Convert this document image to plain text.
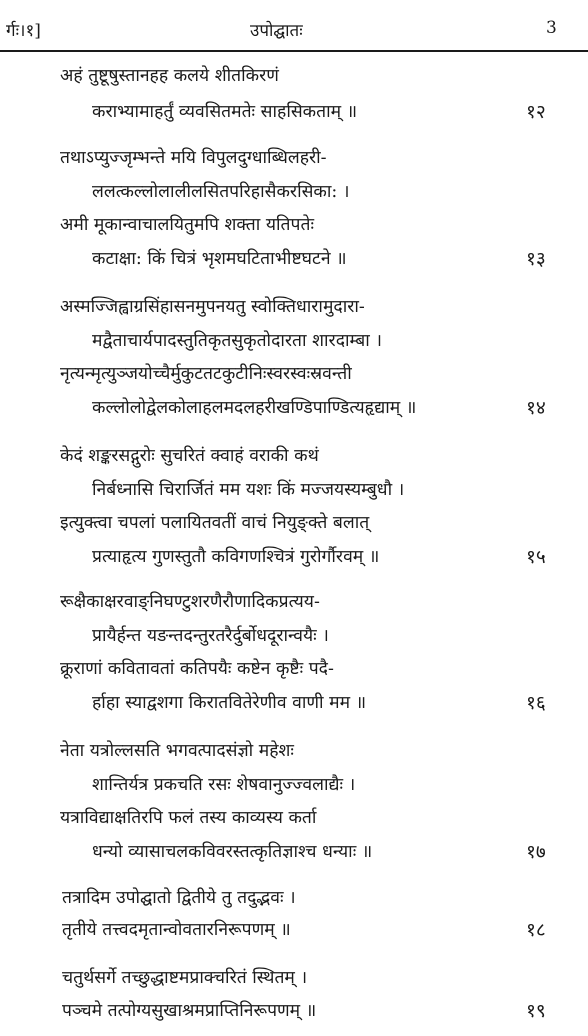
र्गः।१]	उपोद्घातः	3
अहं तुष्टूषुस्तानहह कलये शीतकिरणं
कराभ्यामाहर्तुं व्यवसितमतेः साहसिकताम् ॥	१२
तथाऽप्युज्जृम्भन्ते मयि विपुलदुग्धाब्धिलहरी-
ललत्कल्लोलालीलसितपरिहासैकरसिका: ।
अमी मूकान्वाचालयितुमपि शक्ता यतिपतेः
कटाक्षा: किं चित्रं भृशमघटिताभीष्टघटने ॥	१३
अस्मज्जिह्वाग्रसिंहासनमुपनयतु स्वोक्तिधारामुदारा-
मद्वैताचार्यपादस्तुतिकृतसुकृतोदारता शारदाम्बा ।
नृत्यन्मृत्युञ्जयोच्चैर्मुकुटतटकुटीनिःस्वरस्वःस्रवन्ती
कल्लोलोद्वेलकोलाहलमदलहरीखण्डिपाण्डित्यहृद्याम् ॥	१४
केदं शङ्करसद्गुरोः सुचरितं क्वाहं वराकी कथं
निर्बध्नासि चिरार्जितं मम यशः किं मज्जयस्यम्बुधौ ।
इत्युक्त्वा चपलां पलायितवतीं वाचं नियुङ्क्ते बलात्
प्रत्याहृत्य गुणस्तुतौ कविगणश्चित्रं गुरोर्गौरवम् ॥	१५
रूक्षैकाक्षरवाङ्निघण्टुशरणैरौणादिकप्रत्यय-
प्रायैर्हन्त यङन्तदन्तुरतरैर्दुर्बोधदूरान्वयैः ।
क्रूराणां कवितावतां कतिपयैः कष्टेन कृष्टैः पदै-
र्हाहा स्याद्वशगा किरातवितेरेणीव वाणी मम ॥	१६
नेता यत्रोल्लसति भगवत्पादसंज्ञो महेशः
शान्तिर्यत्र प्रकचति रसः शेषवानुज्ज्वलाद्यैः ।
यत्राविद्याक्षतिरपि फलं तस्य काव्यस्य कर्ता
धन्यो व्यासाचलकविवरस्तत्कृतिज्ञाश्च धन्याः ॥	१७
तत्रादिम उपोद्घातो द्वितीये तु तदुद्भवः ।
तृतीये तत्त्वदमृतान्वोवतारनिरूपणम् ॥	१८
चतुर्थसर्गे तच्छुद्धाष्टमप्राक्चरितं स्थितम् ।
पञ्चमे तत्पोग्यसुखाश्रमप्राप्तिनिरूपणम् ॥	१९
